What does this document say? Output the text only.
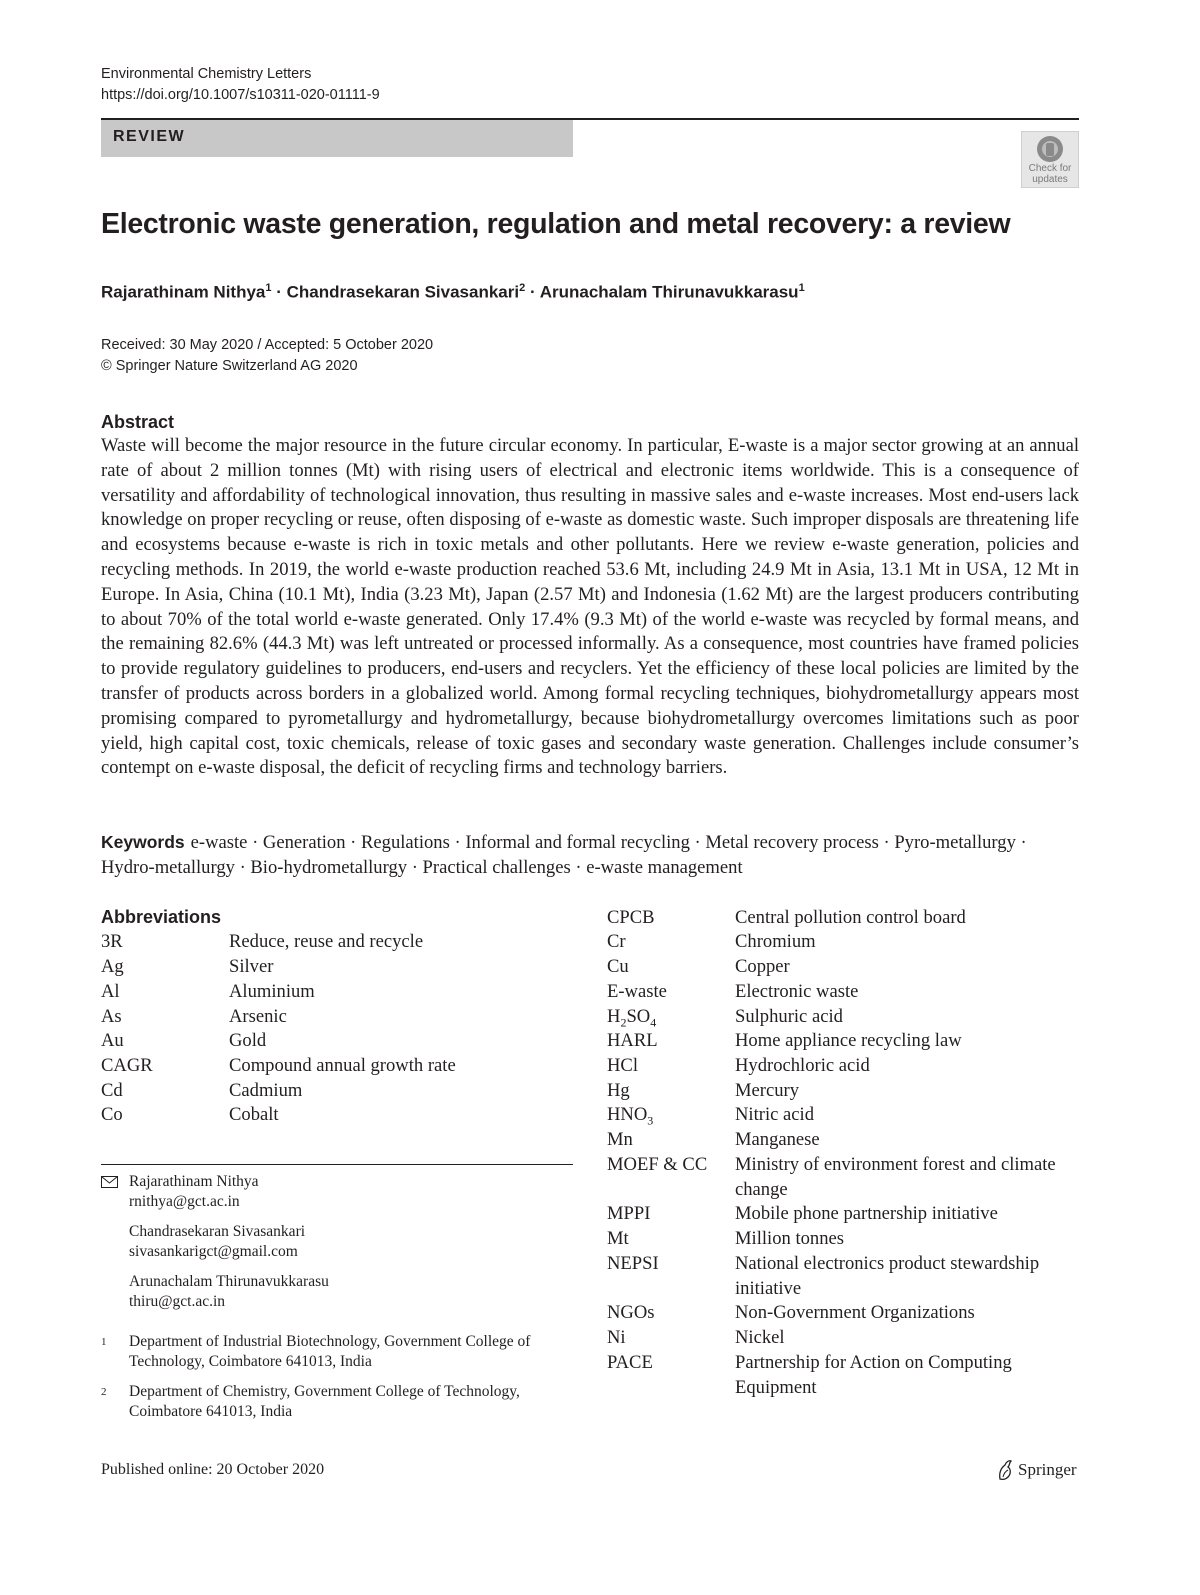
Environmental Chemistry Letters
https://doi.org/10.1007/s10311-020-01111-9
REVIEW
Check for
updates
Electronic waste generation, regulation and metal recovery: a review
Rajarathinam Nithya$^1$ · Chandrasekaran Sivasankari$^2$ · Arunachalam Thirunavukkarasu$^1$
Received: 30 May 2020 / Accepted: 5 October 2020
© Springer Nature Switzerland AG 2020
Abstract

Waste will become the major resource in the future circular economy. In particular, E-waste is a major sector growing at an annual rate of about 2 million tonnes (Mt) with rising users of electrical and electronic items worldwide. This is a consequence of versatility and affordability of technological innovation, thus resulting in massive sales and e-waste increases. Most end-users lack knowledge on proper recycling or reuse, often disposing of e-waste as domestic waste. Such improper disposals are threatening life and ecosystems because e-waste is rich in toxic metals and other pollutants. Here we review e-waste generation, policies and recycling methods. In 2019, the world e-waste production reached 53.6 Mt, including 24.9 Mt in Asia, 13.1 Mt in USA, 12 Mt in Europe. In Asia, China (10.1 Mt), India (3.23 Mt), Japan (2.57 Mt) and Indonesia (1.62 Mt) are the largest producers contributing to about 70% of the total world e-waste generated. Only 17.4% (9.3 Mt) of the world e-waste was recycled by formal means, and the remaining 82.6% (44.3 Mt) was left untreated or processed informally. As a consequence, most countries have framed policies to provide regulatory guidelines to producers, end-users and recyclers. Yet the efficiency of these local policies are limited by the transfer of products across borders in a globalized world. Among formal recycling techniques, biohydrometallurgy appears most promising compared to pyrometallurgy and hydrometallurgy, because biohydrometallurgy overcomes limitations such as poor yield, high capital cost, toxic chemicals, release of toxic gases and secondary waste generation. Challenges include consumer’s contempt on e-waste disposal, the deficit of recycling firms and technology barriers.

Keywords e-waste · Generation · Regulations · Informal and formal recycling · Metal recovery process · Pyro-metallurgy · Hydro-metallurgy · Bio-hydrometallurgy · Practical challenges · e-waste management
Abbreviations
3R	Reduce, reuse and recycle
Ag	Silver
Al	Aluminium
As	Arsenic
Au	Gold
CAGR	Compound annual growth rate
Cd	Cadmium
Co	Cobalt
CPCB	Central pollution control board
Cr	Chromium
Cu	Copper
E-waste	Electronic waste
$H_2SO_4$	Sulphuric acid
HARL	Home appliance recycling law
HCl	Hydrochloric acid
Hg	Mercury
$HNO_3$	Nitric acid
Mn	Manganese
MOEF & CC	Ministry of environment forest and climate change
MPPI	Mobile phone partnership initiative
Mt	Million tonnes
NEPSI	National electronics product stewardship initiative
NGOs	Non-Government Organizations
Ni	Nickel
PACE	Partnership for Action on Computing Equipment
Rajarathinam Nithya
rnithya@gct.ac.in
Chandrasekaran Sivasankari
sivasankarigct@gmail.com
Arunachalam Thirunavukkarasu
thiru@gct.ac.in
1 Department of Industrial Biotechnology, Government College of Technology, Coimbatore 641013, India
2 Department of Chemistry, Government College of Technology, Coimbatore 641013, India
Published online: 20 October 2020	Springer
